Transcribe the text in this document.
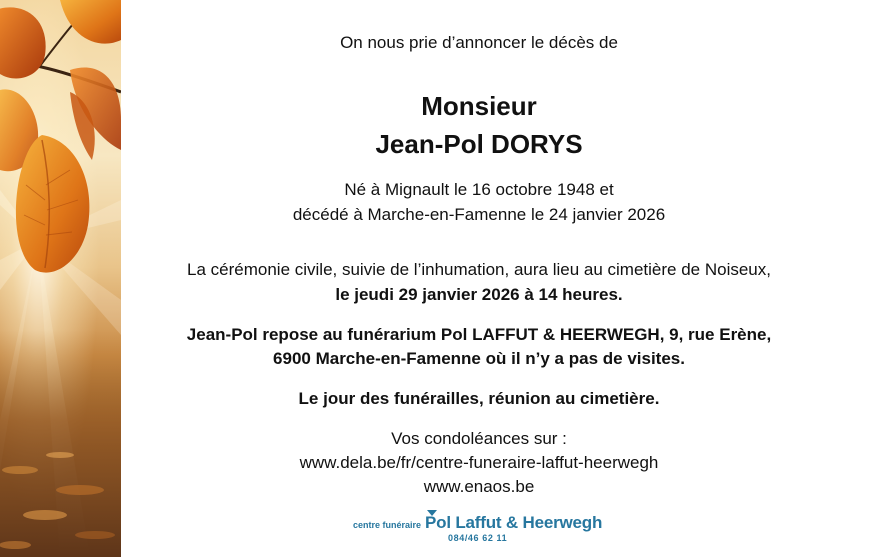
On nous prie d’annoncer le décès de
Monsieur
Jean-Pol DORYS
Né à Mignault le 16 octobre 1948 et
décédé à Marche-en-Famenne le 24 janvier 2026
La cérémonie civile, suivie de l’inhumation, aura lieu au cimetière de Noiseux,
le jeudi 29 janvier 2026 à 14 heures.
Jean-Pol repose au funérarium Pol LAFFUT & HEERWEGH, 9, rue Erène,
6900 Marche-en-Famenne où il n’y a pas de visites.
Le jour des funérailles, réunion au cimetière.
Vos condoléances sur :
www.dela.be/fr/centre-funeraire-laffut-heerwegh
www.enaos.be
centre funéraire Pol Laffut & Heerwegh
084/46 62 11
